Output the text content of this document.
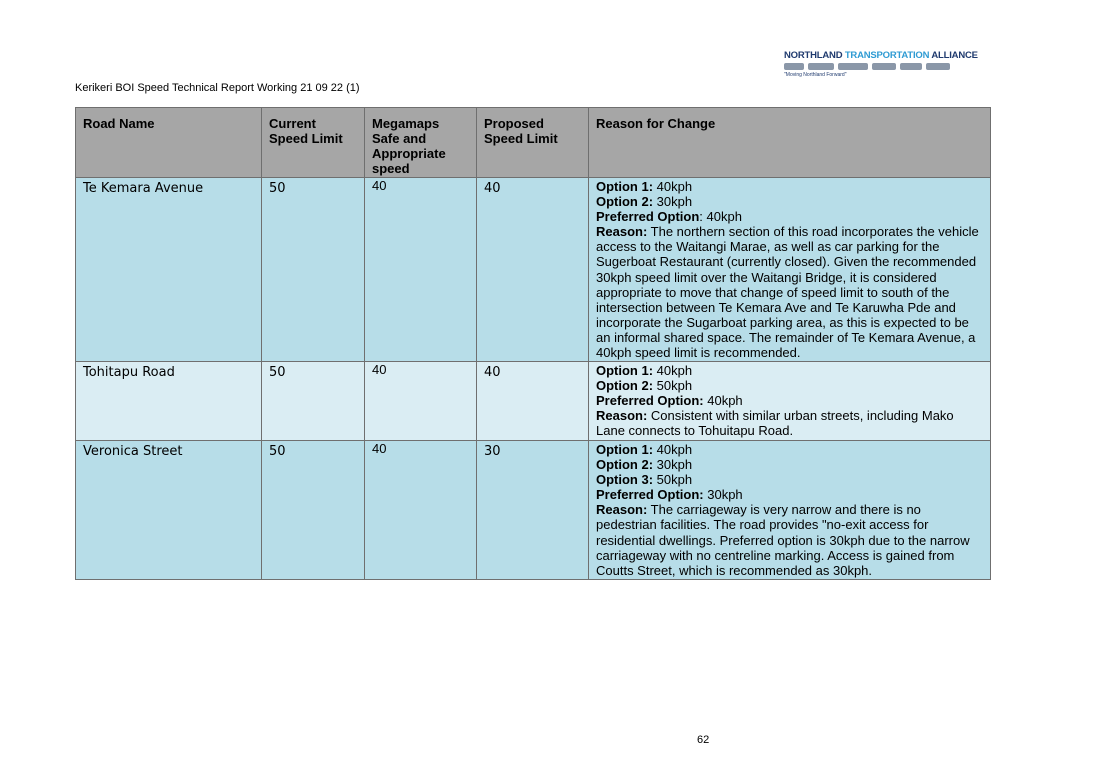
NORTHLAND TRANSPORTATION ALLIANCE
"Moving Northland Forward"
Kerikeri BOI Speed Technical Report Working 21 09 22 (1)
Road Name	Current Speed Limit	Megamaps Safe and Appropriate speed	Proposed Speed Limit	Reason for Change
Te Kemara Avenue	50	40	40	Option 1: 40kph
Option 2: 30kph
Preferred Option: 40kph
Reason: The northern section of this road incorporates the vehicle access to the Waitangi Marae, as well as car parking for the Sugerboat Restaurant (currently closed). Given the recommended 30kph speed limit over the Waitangi Bridge, it is considered appropriate to move that change of speed limit to south of the intersection between Te Kemara Ave and Te Karuwha Pde and incorporate the Sugarboat parking area, as this is expected to be an informal shared space. The remainder of Te Kemara Avenue, a 40kph speed limit is recommended.

Tohitapu Road	50	40	40	Option 1: 40kph
Option 2: 50kph
Preferred Option: 40kph
Reason: Consistent with similar urban streets, including Mako Lane connects to Tohuitapu Road.

Veronica Street	50	40	30	Option 1: 40kph
Option 2: 30kph
Option 3: 50kph
Preferred Option: 30kph
Reason: The carriageway is very narrow and there is no pedestrian facilities. The road provides "no-exit access for residential dwellings. Preferred option is 30kph due to the narrow carriageway with no centreline marking. Access is gained from Coutts Street, which is recommended as 30kph.
62
